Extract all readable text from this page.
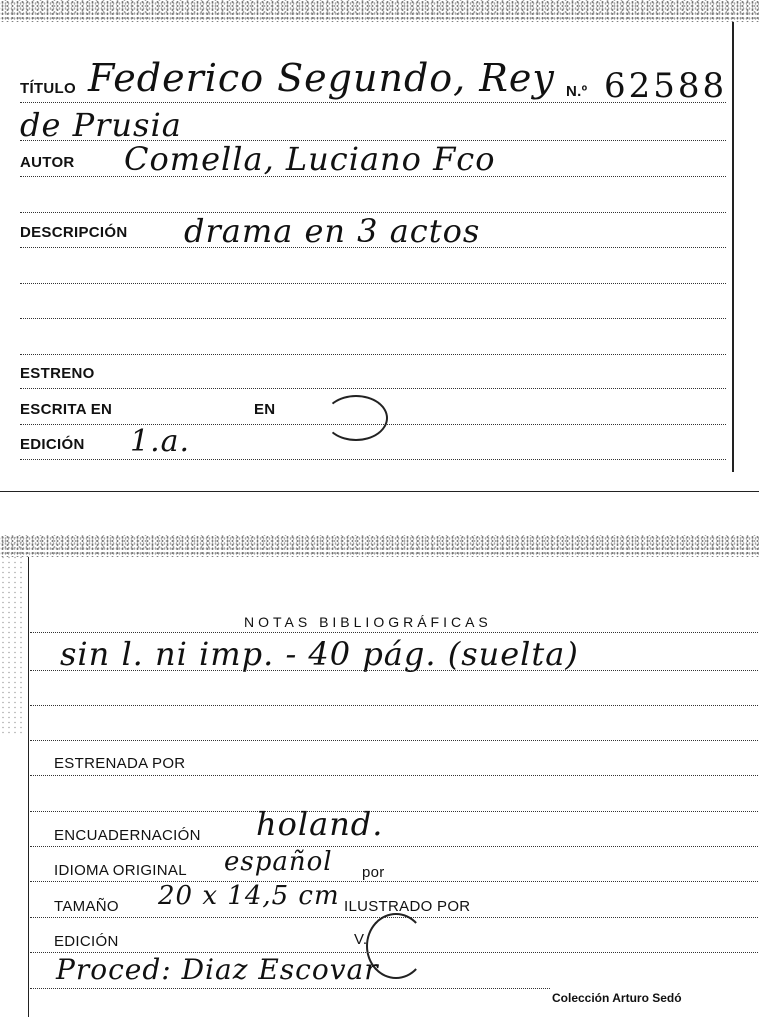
TÍTULO Federico Segundo, Rey N.º 62588
de Prusia
AUTOR Comella, Luciano Fco
DESCRIPCIÓN drama en 3 actos
ESTRENO
ESCRITA EN	EN
EDICIÓN 1.a.
NOTAS BIBLIOGRÁFICAS
sin l. ni imp. - 40 pág. (suelta)
ESTRENADA POR
ENCUADERNACIÓN holand.
IDIOMA ORIGINAL español por
TAMAÑO 20 x 14,5 cm ILUSTRADO POR
EDICIÓN	V.
Proced: Diaz Escovar
Colección Arturo Sedó
